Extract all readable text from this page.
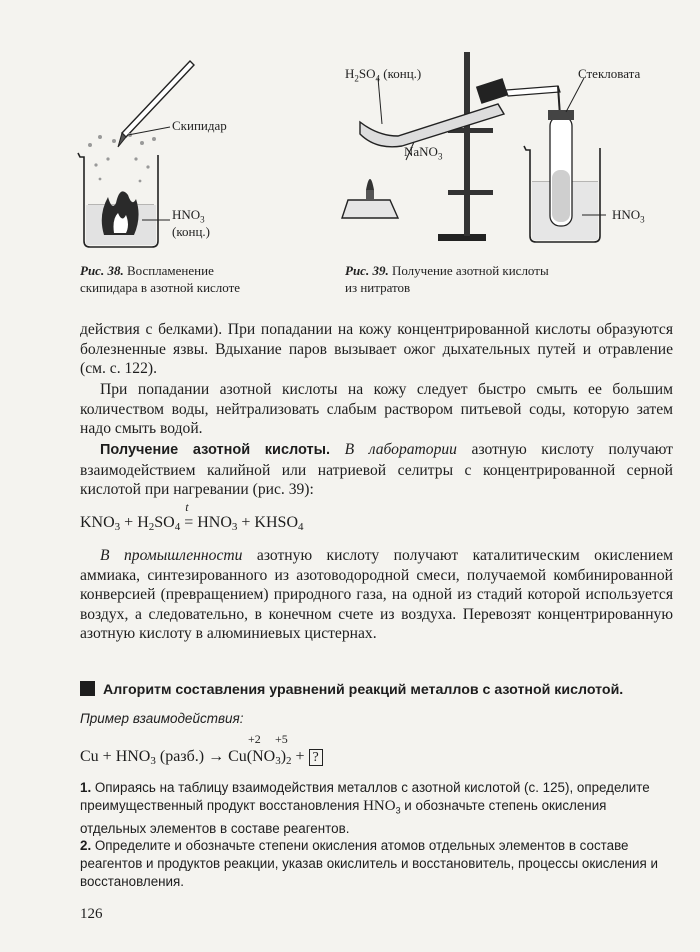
Скипидар
$HNO_3$
(конц.)
Рис. 38. Воспламенение
скипидара в азотной кислоте
$H_2SO_4$ (конц.)
NaNO$_3$
Стекловата
$HNO_3$
Рис. 39. Получение азотной кислоты
из нитратов
действия с белками). При попадании на кожу концентрированной кислоты образуются болезненные язвы. Вдыхание паров вызывает ожог дыхательных путей и отравление (см. с. 122).
При попадании азотной кислоты на кожу следует быстро смыть ее большим количеством воды, нейтрализовать слабым раствором питьевой соды, которую затем надо смыть водой.
Получение азотной кислоты. В лаборатории азотную кислоту получают взаимодействием калийной или натриевой селитры с концентрированной серной кислотой при нагревании (рис. 39):
$KNO_3 + H_2SO_4$ =
t
$HNO_3$ + $KHSO_4$
В промышленности азотную кислоту получают каталитическим окислением аммиака, синтезированного из азотоводородной смеси, получаемой комбинированной конверсией (превращением) природного газа, на одной из стадий которой используется воздух, а следовательно, в конечном счете из воздуха. Перевозят концентрированную азотную кислоту в алюминиевых цистернах.
Алгоритм составления уравнений реакций металлов с азотной кислотой.
Пример взаимодействия:
+2 +5
$Cu + HNO_3$ (разб.) → $Cu(NO_3)_2$ + ?
1. Опираясь на таблицу взаимодействия металлов с азотной кислотой (с. 125), определите преимущественный продукт восстановления $HNO_3$ и обозначьте степень окисления отдельных элементов в составе реагентов.
2. Определите и обозначьте степени окисления атомов отдельных элементов в составе реагентов и продуктов реакции, указав окислитель и восстановитель, процессы окисления и восстановления.
126
